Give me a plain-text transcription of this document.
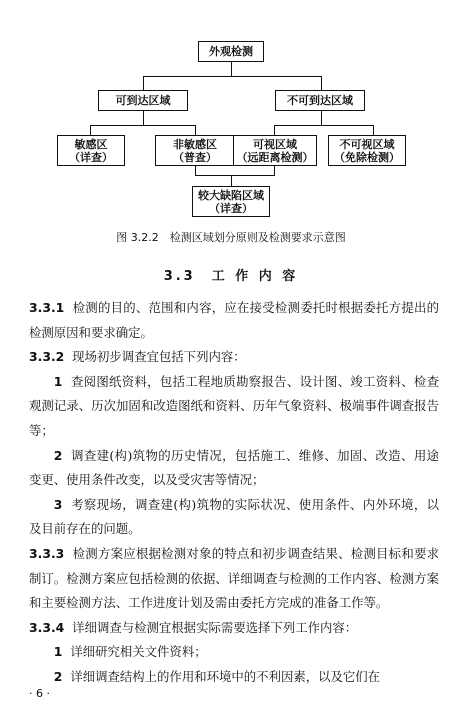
外观检测
可到达区域	不可到达区域
敏感区
（详查）
非敏感区
（普查）
可视区域
（远距离检测）
不可视区域
（免除检测）
较大缺陷区域
（详查）
图 3.2.2　检测区域划分原则及检测要求示意图
3.3　工 作 内 容

3.3.1 检测的目的、范围和内容，应在接受检测委托时根据委托方提出的检测原因和要求确定。

3.3.2 现场初步调查宜包括下列内容：

1 查阅图纸资料，包括工程地质勘察报告、设计图、竣工资料、检查观测记录、历次加固和改造图纸和资料、历年气象资料、极端事件调查报告等；

2 调查建(构)筑物的历史情况，包括施工、维修、加固、改造、用途变更、使用条件改变，以及受灾害等情况；

3 考察现场，调查建(构)筑物的实际状况、使用条件、内外环境，以及目前存在的问题。

3.3.3 检测方案应根据检测对象的特点和初步调查结果、检测目标和要求制订。检测方案应包括检测的依据、详细调查与检测的工作内容、检测方案和主要检测方法、工作进度计划及需由委托方完成的准备工作等。

3.3.4 详细调查与检测宜根据实际需要选择下列工作内容：

1 详细研究相关文件资料；

2 详细调查结构上的作用和环境中的不利因素，以及它们在

· 6 ·
